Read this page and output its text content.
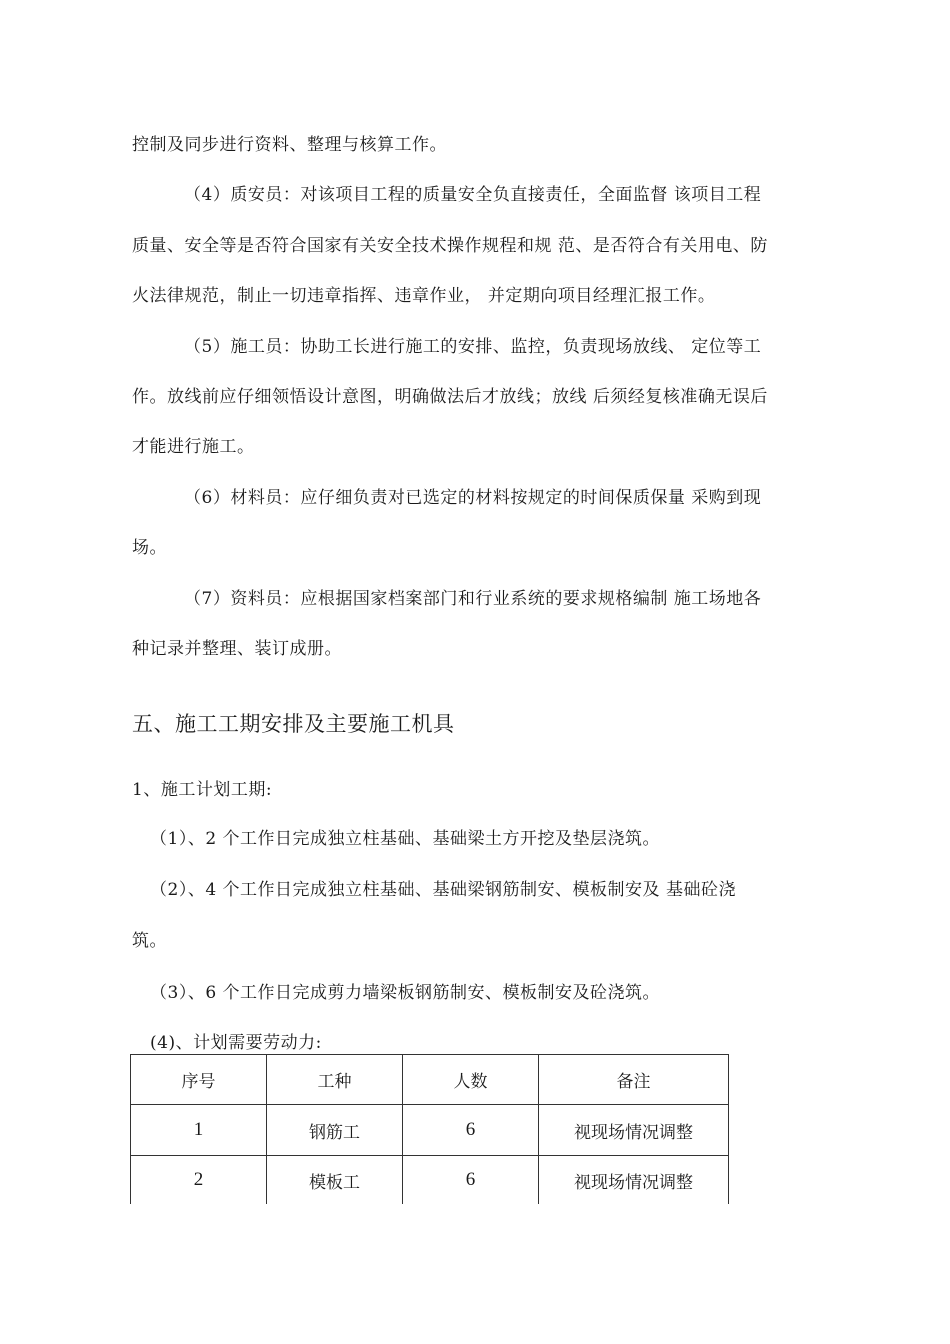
控制及同步进行资料、整理与核算工作。
（4）质安员：对该项目工程的质量安全负直接责任，全面监督 该项目工程
质量、安全等是否符合国家有关安全技术操作规程和规 范、是否符合有关用电、防
火法律规范，制止一切违章指挥、违章作业， 并定期向项目经理汇报工作。
（5）施工员：协助工长进行施工的安排、监控，负责现场放线、 定位等工
作。放线前应仔细领悟设计意图，明确做法后才放线；放线 后须经复核准确无误后
才能进行施工。
（6）材料员：应仔细负责对已选定的材料按规定的时间保质保量 采购到现
场。
（7）资料员：应根据国家档案部门和行业系统的要求规格编制 施工场地各
种记录并整理、装订成册。
五、施工工期安排及主要施工机具
1、施工计划工期:
（1）、2 个工作日完成独立柱基础、基础梁土方开挖及垫层浇筑。
（2）、4 个工作日完成独立柱基础、基础梁钢筋制安、模板制安及 基础砼浇
筑。
（3）、6 个工作日完成剪力墙梁板钢筋制安、模板制安及砼浇筑。
(4)、计划需要劳动力:
序号	工种	人数	备注
1	钢筋工	6	视现场情况调整
2	模板工	6	视现场情况调整
